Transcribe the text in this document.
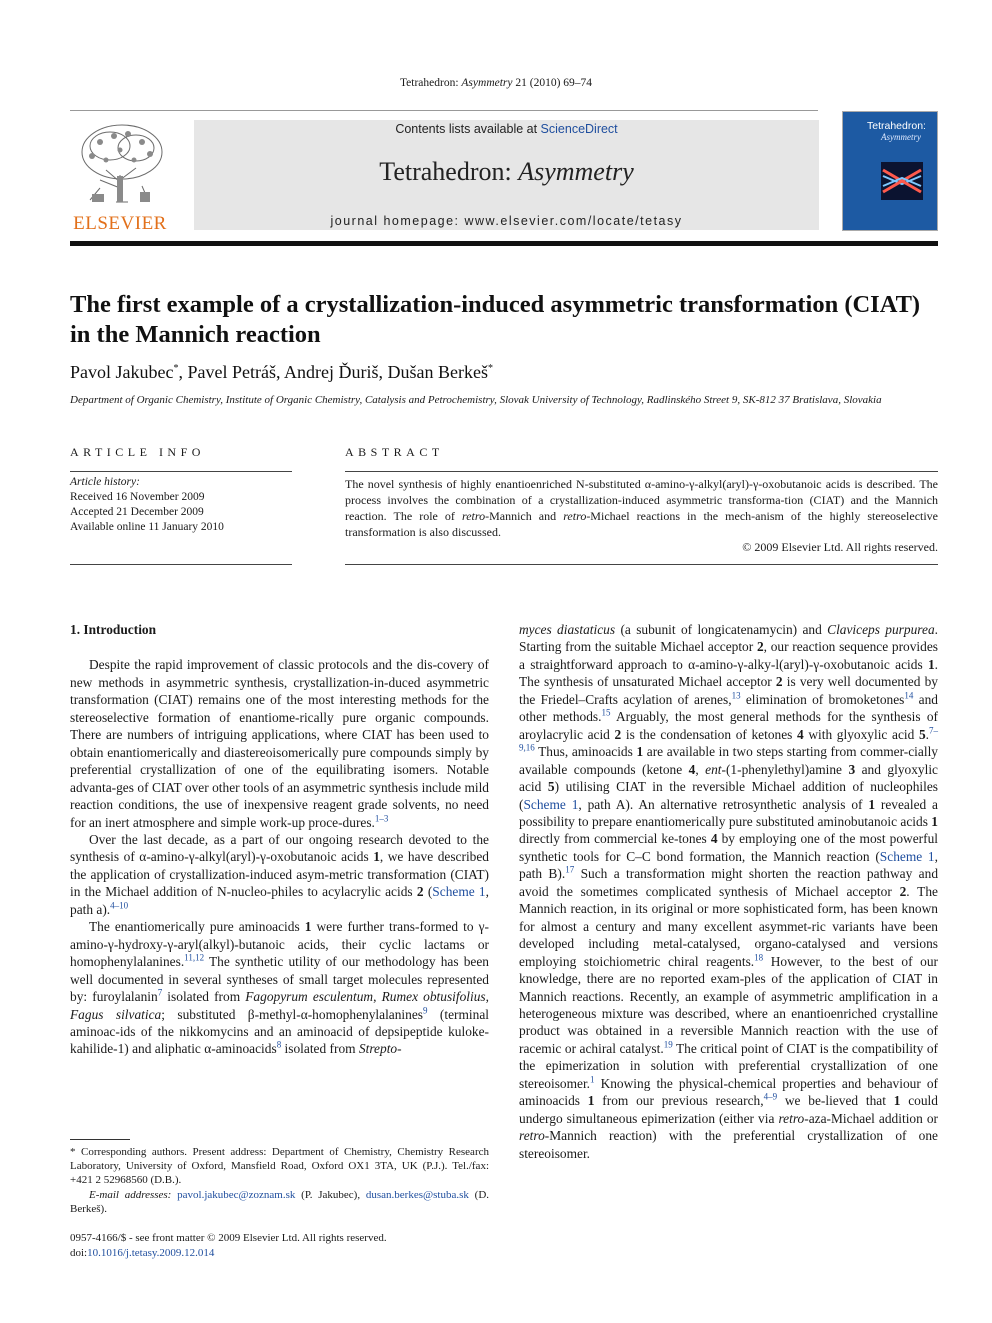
Tetrahedron: Asymmetry 21 (2010) 69–74
ELSEVIER
Contents lists available at ScienceDirect
Tetrahedron: Asymmetry
journal homepage: www.elsevier.com/locate/tetasy
Tetrahedron:
Asymmetry
The first example of a crystallization-induced asymmetric transformation (CIAT) in the Mannich reaction
Pavol Jakubec*, Pavel Petráš, Andrej Ďuriš, Dušan Berkeš*
Department of Organic Chemistry, Institute of Organic Chemistry, Catalysis and Petrochemistry, Slovak University of Technology, Radlinského Street 9, SK-812 37 Bratislava, Slovakia
ARTICLE INFO
Article history:
Received 16 November 2009
Accepted 21 December 2009
Available online 11 January 2010
ABSTRACT
The novel synthesis of highly enantioenriched N-substituted α-amino-γ-alkyl(aryl)-γ-oxobutanoic acids is described. The process involves the combination of a crystallization-induced asymmetric transforma-tion (CIAT) and the Mannich reaction. The role of retro-Mannich and retro-Michael reactions in the mech-anism of the highly stereoselective transformation is also discussed.
© 2009 Elsevier Ltd. All rights reserved.
1. Introduction

Despite the rapid improvement of classic protocols and the dis-covery of new methods in asymmetric synthesis, crystallization-in-duced asymmetric transformation (CIAT) remains one of the most interesting methods for the stereoselective formation of enantiome-rically pure organic compounds. There are numbers of intriguing applications, where CIAT has been used to obtain enantiomerically and diastereoisomerically pure compounds simply by preferential crystallization of one of the equilibrating isomers. Notable advanta-ges of CIAT over other tools of an asymmetric synthesis include mild reaction conditions, the use of inexpensive reagent grade solvents, no need for an inert atmosphere and simple work-up proce-dures.$^{1-3}$

Over the last decade, as a part of our ongoing research devoted to the synthesis of α-amino-γ-alkyl(aryl)-γ-oxobutanoic acids 1, we have described the application of crystallization-induced asym-metric transformation (CIAT) in the Michael addition of N-nucleo-philes to acylacrylic acids 2 (Scheme 1, path a).$^{4-10}$

The enantiomerically pure aminoacids 1 were further trans-formed to γ-amino-γ-hydroxy-γ-aryl(alkyl)-butanoic acids, their cyclic lactams or homophenylalanines.$^{11,12}$ The synthetic utility of our methodology has been well documented in several syntheses of small target molecules represented by: furoylalanin$^7$ isolated from Fagopyrum esculentum, Rumex obtusifolius, Fagus silvatica; substituted β-methyl-α-homophenylalanines$^9$ (terminal aminoac-ids of the nikkomycins and an aminoacid of depsipeptide kuloke-kahilide-1) and aliphatic α-aminoacids$^8$ isolated from Strepto-

myces diastaticus (a subunit of longicatenamycin) and Claviceps purpurea. Starting from the suitable Michael acceptor 2, our reaction sequence provides a straightforward approach to α-amino-γ-alky-l(aryl)-γ-oxobutanoic acids 1. The synthesis of unsaturated Michael acceptor 2 is very well documented by the Friedel–Crafts acylation of arenes,$^{13}$ elimination of bromoketones$^{14}$ and other methods.$^{15}$ Arguably, the most general methods for the synthesis of aroylacrylic acid 2 is the condensation of ketones 4 with glyoxylic acid 5.$^{7-9,16}$ Thus, aminoacids 1 are available in two steps starting from commer-cially available compounds (ketone 4, ent-(1-phenylethyl)amine 3 and glyoxylic acid 5) utilising CIAT in the reversible Michael addition of nucleophiles (Scheme 1, path A). An alternative retrosynthetic analysis of 1 revealed a possibility to prepare enantiomerically pure substituted aminobutanoic acids 1 directly from commercial ke-tones 4 by employing one of the most powerful synthetic tools for C–C bond formation, the Mannich reaction (Scheme 1, path B).$^{17}$ Such a transformation might shorten the reaction pathway and avoid the sometimes complicated synthesis of Michael acceptor 2. The Mannich reaction, in its original or more sophisticated form, has been known for almost a century and many excellent asymmet-ric variants have been developed including metal-catalysed, organo-catalysed and versions employing stoichiometric chiral reagents.$^{18}$ However, to the best of our knowledge, there are no reported exam-ples of the application of CIAT in Mannich reactions. Recently, an example of asymmetric amplification in a heterogeneous mixture was described, where an enantioenriched crystalline product was obtained in a reversible Mannich reaction with the use of racemic or achiral catalyst.$^{19}$ The critical point of CIAT is the compatibility of the epimerization in solution with preferential crystallization of one stereoisomer.$^1$ Knowing the physical-chemical properties and behaviour of aminoacids 1 from our previous research,$^{4-9}$ we be-lieved that 1 could undergo simultaneous epimerization (either via retro-aza-Michael addition or retro-Mannich reaction) with the preferential crystallization of one stereoisomer.

* Corresponding authors. Present address: Department of Chemistry, Chemistry Research Laboratory, University of Oxford, Mansfield Road, Oxford OX1 3TA, UK (P.J.). Tel./fax: +421 2 52968560 (D.B.).
E-mail addresses: pavol.jakubec@zoznam.sk (P. Jakubec), dusan.berkes@stuba.sk (D. Berkeš).
0957-4166/$ - see front matter © 2009 Elsevier Ltd. All rights reserved.
doi:10.1016/j.tetasy.2009.12.014
